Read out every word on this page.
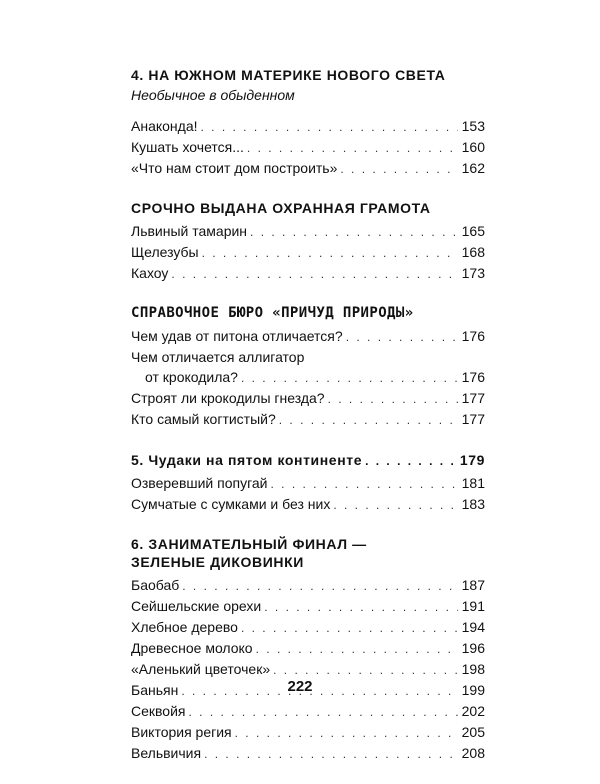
4. НА ЮЖНОМ МАТЕРИКЕ НОВОГО СВЕТА
Необычное в обыденном
Анаконда! . . .	153
Кушать хочется... . . .	160
«Что нам стоит дом построить» . . .	162
СРОЧНО ВЫДАНА ОХРАННАЯ ГРАМОТА
Львиный тамарин . . .	165
Щелезубы . . .	168
Кахоу . . .	173
СПРАВОЧНОЕ БЮРО «ПРИЧУД ПРИРОДЫ»
Чем удав от питона отличается? . . .	176
Чем отличается аллигатор
от крокодила? . . .	176
Строят ли крокодилы гнезда? . . .	177
Кто самый когтистый? . . .	177
5. Чудаки на пятом континенте . . .	179
Озверевший попугай . . .	181
Сумчатые с сумками и без них . . .	183
6. ЗАНИМАТЕЛЬНЫЙ ФИНАЛ —
ЗЕЛЕНЫЕ ДИКОВИНКИ
Баобаб . . .	187
Сейшельские орехи . . .	191
Хлебное дерево . . .	194
Древесное молоко . . .	196
«Аленький цветочек» . . .	198
Баньян . . .	199
Секвойя . . .	202
Виктория регия . . .	205
Вельвичия . . .	208
222
